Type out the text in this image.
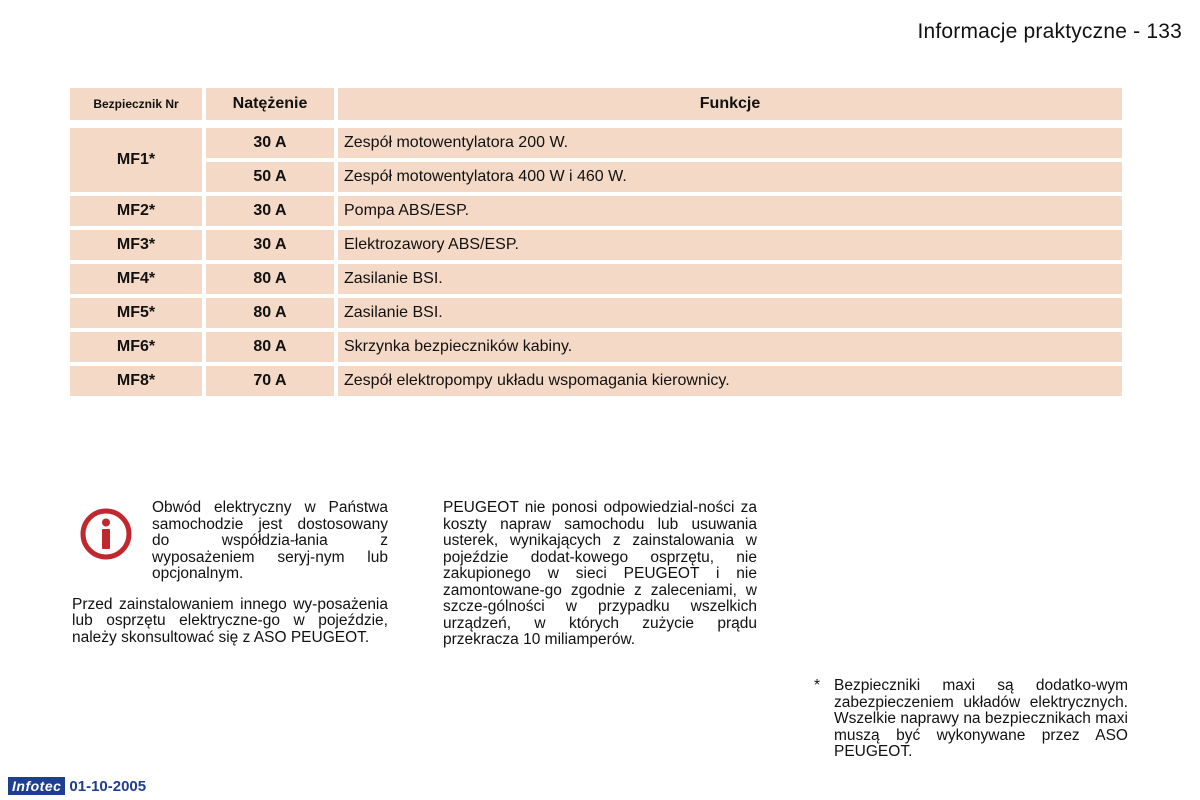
Informacje praktyczne - 133
Bezpiecznik Nr	Natężenie	Funkcje

MF1*	30 A	Zespół motowentylatora 200 W.
	50 A	Zespół motowentylatora 400 W i 460 W.
MF2*	30 A	Pompa ABS/ESP.
MF3*	30 A	Elektrozawory ABS/ESP.
MF4*	80 A	Zasilanie BSI.
MF5*	80 A	Zasilanie BSI.
MF6*	80 A	Skrzynka bezpieczników kabiny.
MF8*	70 A	Zespół elektropompy układu wspomagania kierownicy.
Obwód elektryczny w Państwa samochodzie jest dostosowany do współdzia-łania z wyposażeniem seryj-nym lub opcjonalnym.
Przed zainstalowaniem innego wy-posażenia lub osprzętu elektryczne-go w pojeździe, należy skonsultować się z ASO PEUGEOT.
PEUGEOT nie ponosi odpowiedzial-ności za koszty napraw samochodu lub usuwania usterek, wynikających z zainstalowania w pojeździe dodat-kowego osprzętu, nie zakupionego w sieci PEUGEOT i nie zamontowane-go zgodnie z zaleceniami, w szcze-gólności w przypadku wszelkich urządzeń, w których zużycie prądu przekracza 10 miliamperów.
* Bezpieczniki maxi są dodatko-wym zabezpieczeniem układów elektrycznych. Wszelkie naprawy na bezpiecznikach maxi muszą być wykonywane przez ASO PEUGEOT.
Infotec 01-10-2005
